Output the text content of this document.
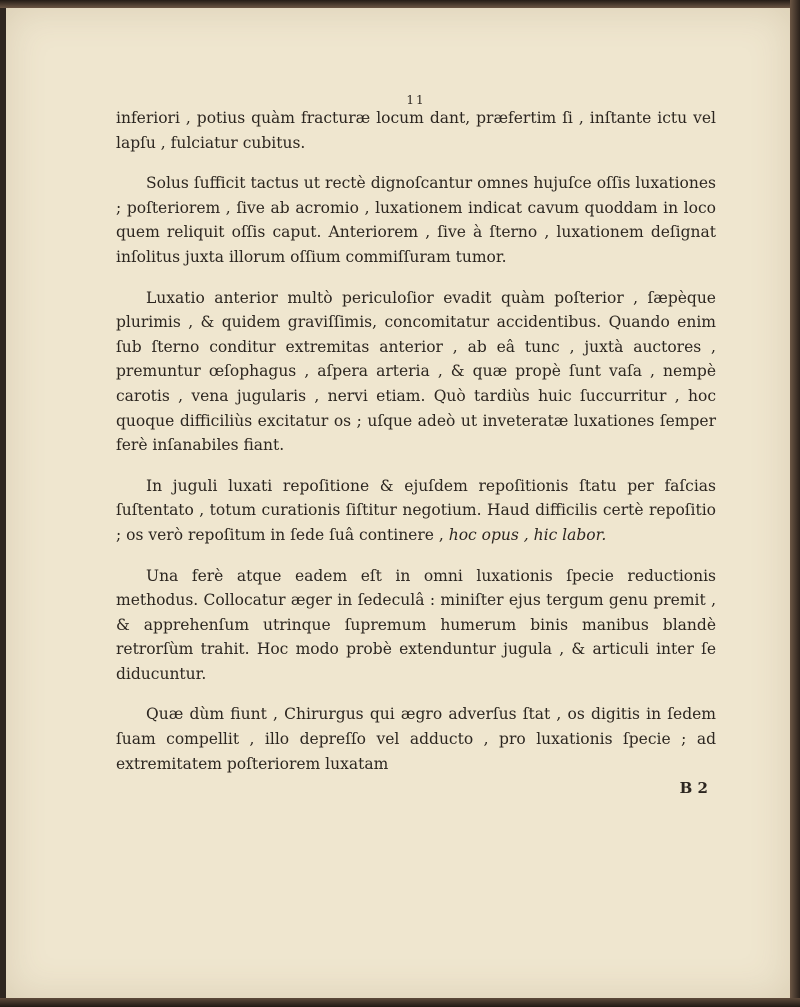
11

inferiori , potius quàm fracturæ locum dant, præfertim ſi , inſtante ictu vel lapſu , fulciatur cubitus.

Solus ſufficit tactus ut rectè dignoſcantur omnes hujuſce oſſis luxationes ; poſteriorem , ſive ab acromio , luxationem indicat cavum quoddam in loco quem reliquit oſſis caput. Anteriorem , ſive à ſterno , luxationem deſignat inſolitus juxta illorum oſſium commiſſuram tumor.

Luxatio anterior multò periculoſior evadit quàm poſterior , ſæpèque plurimis , & quidem graviſſimis, concomitatur accidentibus. Quando enim ſub ſterno conditur extremitas anterior , ab eâ tunc , juxtà auctores , premuntur œſophagus , aſpera arteria , & quæ propè ſunt vaſa , nempè carotis , vena jugularis , nervi etiam. Quò tardiùs huic ſuccurritur , hoc quoque difficiliùs excitatur os ; uſque adeò ut inveteratæ luxationes ſemper ferè inſanabiles fiant.

In juguli luxati repoſitione & ejuſdem repoſitionis ſtatu per faſcias ſuſtentato , totum curationis ſiſtitur negotium. Haud difficilis certè repoſitio ; os verò repoſitum in ſede ſuâ continere , hoc opus , hic labor.

Una ferè atque eadem eſt in omni luxationis ſpecie reductionis methodus. Collocatur æger in ſedeculâ : miniſter ejus tergum genu premit , & apprehenſum utrinque ſupremum humerum binis manibus blandè retrorſùm trahit. Hoc modo probè extenduntur jugula , & articuli inter ſe diducuntur.

Quæ dùm fiunt , Chirurgus qui ægro adverſus ſtat , os digitis in ſedem ſuam compellit , illo depreſſo vel adducto , pro luxationis ſpecie ; ad extremitatem poſteriorem luxatam

B 2
